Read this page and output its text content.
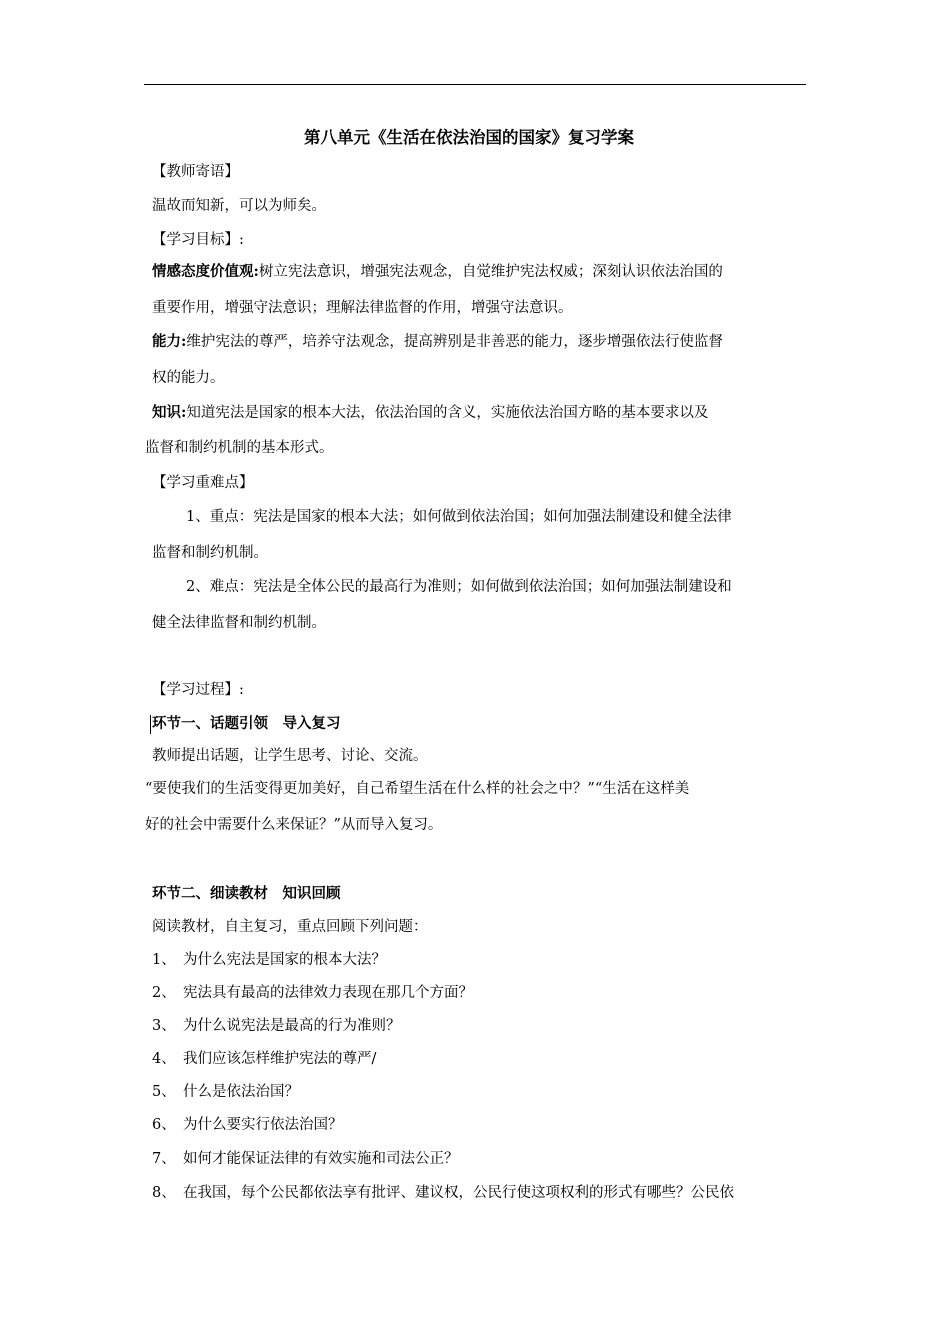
第八单元《生活在依法治国的国家》复习学案
【教师寄语】
温故而知新，可以为师矣。
【学习目标】:
情感态度价值观:树立宪法意识，增强宪法观念，自觉维护宪法权威；深刻认识依法治国的
重要作用，增强守法意识；理解法律监督的作用，增强守法意识。
能力:维护宪法的尊严，培养守法观念，提高辨别是非善恶的能力，逐步增强依法行使监督
权的能力。
知识:知道宪法是国家的根本大法，依法治国的含义，实施依法治国方略的基本要求以及
监督和制约机制的基本形式。
【学习重难点】
1、重点：宪法是国家的根本大法；如何做到依法治国；如何加强法制建设和健全法律
监督和制约机制。
2、难点：宪法是全体公民的最高行为准则；如何做到依法治国；如何加强法制建设和
健全法律监督和制约机制。
【学习过程】:
环节一、话题引领　导入复习
教师提出话题，让学生思考、讨论、交流。
“要使我们的生活变得更加美好，自己希望生活在什么样的社会之中？”“生活在这样美
好的社会中需要什么来保证？”从而导入复习。
环节二、细读教材　知识回顾
阅读教材，自主复习，重点回顾下列问题：
1、 为什么宪法是国家的根本大法？
2、 宪法具有最高的法律效力表现在那几个方面？
3、 为什么说宪法是最高的行为准则？
4、 我们应该怎样维护宪法的尊严/
5、 什么是依法治国？
6、 为什么要实行依法治国？
7、 如何才能保证法律的有效实施和司法公正？
8、 在我国，每个公民都依法享有批评、建议权，公民行使这项权利的形式有哪些？公民依
